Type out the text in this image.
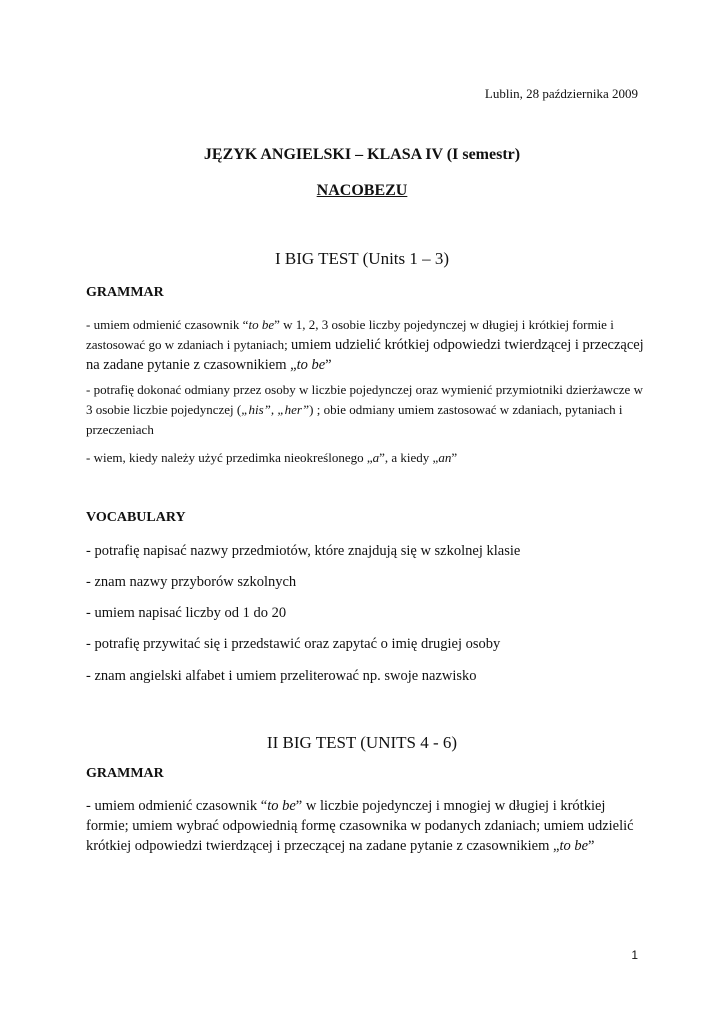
Lublin, 28 października 2009
JĘZYK ANGIELSKI – KLASA IV (I semestr)
NACOBEZU
I BIG TEST (Units 1 – 3)
GRAMMAR
- umiem odmienić czasownik “to be” w 1, 2, 3 osobie liczby pojedynczej w długiej i krótkiej formie i zastosować go w zdaniach i pytaniach; umiem udzielić krótkiej odpowiedzi twierdzącej i przeczącej na zadane pytanie z czasownikiem „to be”
- potrafię dokonać odmiany przez osoby w liczbie pojedynczej oraz wymienić przymiotniki dzierżawcze w 3 osobie liczbie pojedynczej („his”, „her”) ; obie odmiany umiem zastosować w zdaniach, pytaniach i przeczeniach
- wiem, kiedy należy użyć przedimka nieokreślonego „a”, a kiedy „an”
VOCABULARY
- potrafię napisać nazwy przedmiotów, które znajdują się w szkolnej klasie
- znam nazwy przyborów szkolnych
- umiem napisać liczby od 1 do 20
- potrafię przywitać się i przedstawić oraz zapytać o imię drugiej osoby
- znam angielski alfabet i umiem przeliterować np. swoje nazwisko
II BIG TEST (UNITS 4 - 6)
GRAMMAR
- umiem odmienić czasownik “to be” w liczbie pojedynczej i mnogiej w długiej i krótkiej formie; umiem wybrać odpowiednią formę czasownika w podanych zdaniach; umiem udzielić krótkiej odpowiedzi twierdzącej i przeczącej na zadane pytanie z czasownikiem „to be”
1
